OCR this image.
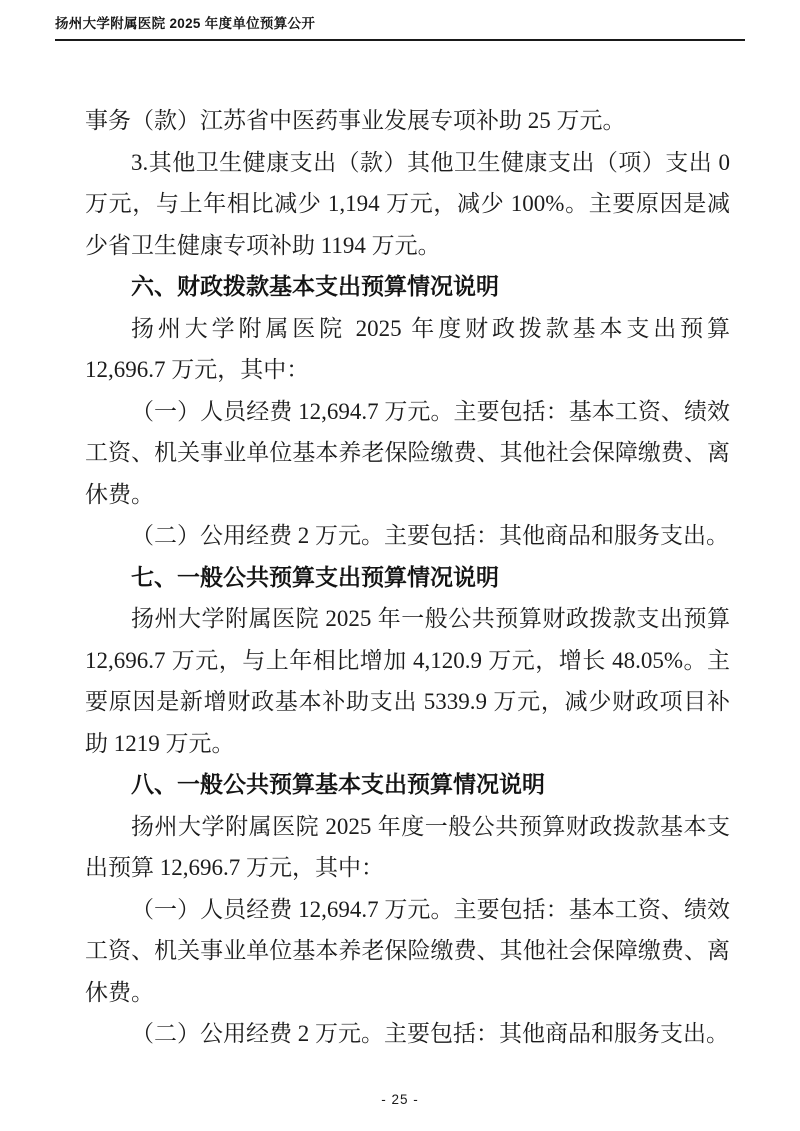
扬州大学附属医院 2025 年度单位预算公开

事务（款）江苏省中医药事业发展专项补助 25 万元。

3.其他卫生健康支出（款）其他卫生健康支出（项）支出 0 万元，与上年相比减少 1,194 万元，减少 100%。主要原因是减少省卫生健康专项补助 1194 万元。

六、财政拨款基本支出预算情况说明

扬州大学附属医院 2025 年度财政拨款基本支出预算 12,696.7 万元，其中：

（一）人员经费 12,694.7 万元。主要包括：基本工资、绩效工资、机关事业单位基本养老保险缴费、其他社会保障缴费、离休费。

（二）公用经费 2 万元。主要包括：其他商品和服务支出。

七、一般公共预算支出预算情况说明

扬州大学附属医院 2025 年一般公共预算财政拨款支出预算 12,696.7 万元，与上年相比增加 4,120.9 万元，增长 48.05%。主要原因是新增财政基本补助支出 5339.9 万元，减少财政项目补助 1219 万元。

八、一般公共预算基本支出预算情况说明

扬州大学附属医院 2025 年度一般公共预算财政拨款基本支出预算 12,696.7 万元，其中：

（一）人员经费 12,694.7 万元。主要包括：基本工资、绩效工资、机关事业单位基本养老保险缴费、其他社会保障缴费、离休费。

（二）公用经费 2 万元。主要包括：其他商品和服务支出。

- 25 -
